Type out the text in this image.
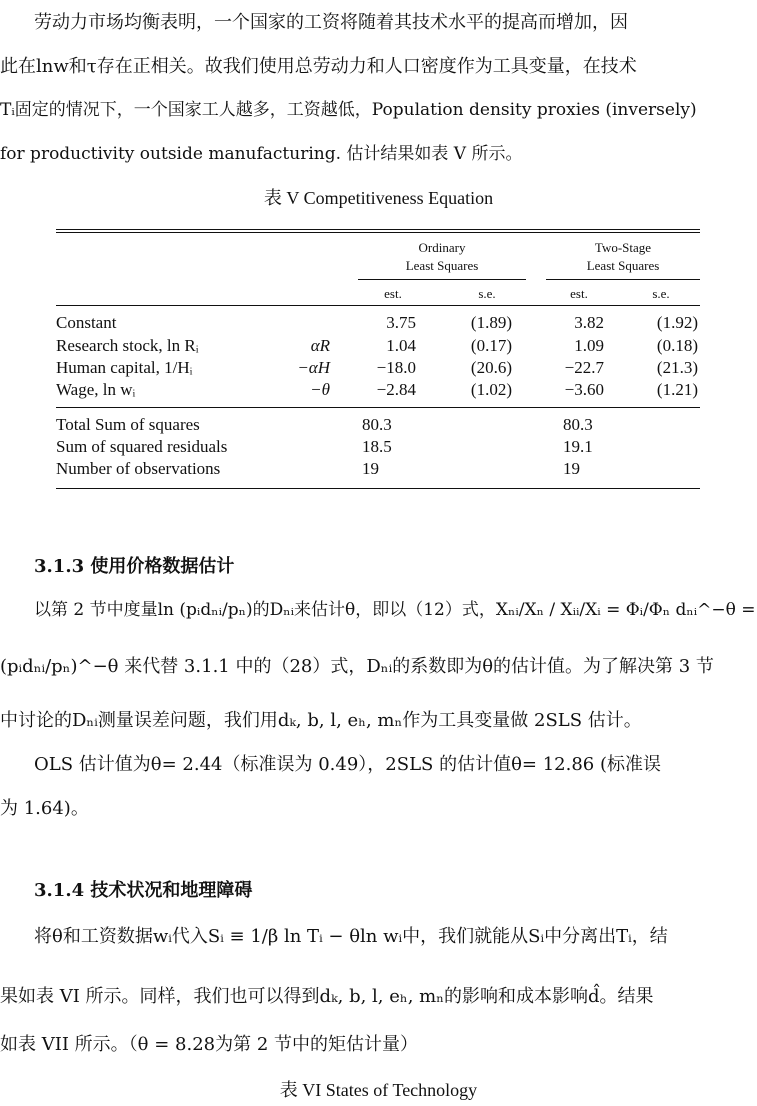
劳动力市场均衡表明，一个国家的工资将随着其技术水平的提高而增加，因
此在lnw和τ存在正相关。故我们使用总劳动力和人口密度作为工具变量，在技术
Tᵢ固定的情况下，一个国家工人越多，工资越低，Population density proxies (inversely)
for productivity outside manufacturing. 估计结果如表 V 所示。
表 V Competitiveness Equation
Ordinary
Least Squares
Two-Stage
Least Squares
est.	s.e.	est.	s.e.
Constant	3.75	(1.89)	3.82	(1.92)
Research stock, ln Rᵢ	αR	1.04	(0.17)	1.09	(0.18)
Human capital, 1/Hᵢ	−αH	−18.0	(20.6)	−22.7	(21.3)
Wage, ln wᵢ	−θ	−2.84	(1.02)	−3.60	(1.21)
Total Sum of squares	80.3	80.3
Sum of squared residuals	18.5	19.1
Number of observations	19	19
3.1.3 使用价格数据估计
以第 2 节中度量ln (pᵢdₙᵢ/pₙ)的Dₙᵢ来估计θ，即以（12）式，Xₙᵢ/Xₙ / Xᵢᵢ/Xᵢ = Φᵢ/Φₙ dₙᵢ^−θ =
(pᵢdₙᵢ/pₙ)^−θ 来代替 3.1.1 中的（28）式，Dₙᵢ的系数即为θ的估计值。为了解决第 3 节
中讨论的Dₙᵢ测量误差问题，我们用dₖ, b, l, eₕ, mₙ作为工具变量做 2SLS 估计。
OLS 估计值为θ= 2.44（标准误为 0.49），2SLS 的估计值θ= 12.86 (标准误
为 1.64)。
3.1.4 技术状况和地理障碍
将θ和工资数据wᵢ代入Sᵢ ≡ 1/β ln Tᵢ − θln wᵢ中，我们就能从Sᵢ中分离出Tᵢ，结
果如表 VI 所示。同样，我们也可以得到dₖ, b, l, eₕ, mₙ的影响和成本影响d̂。结果
如表 VII 所示。（θ = 8.28为第 2 节中的矩估计量）
表 VI States of Technology
